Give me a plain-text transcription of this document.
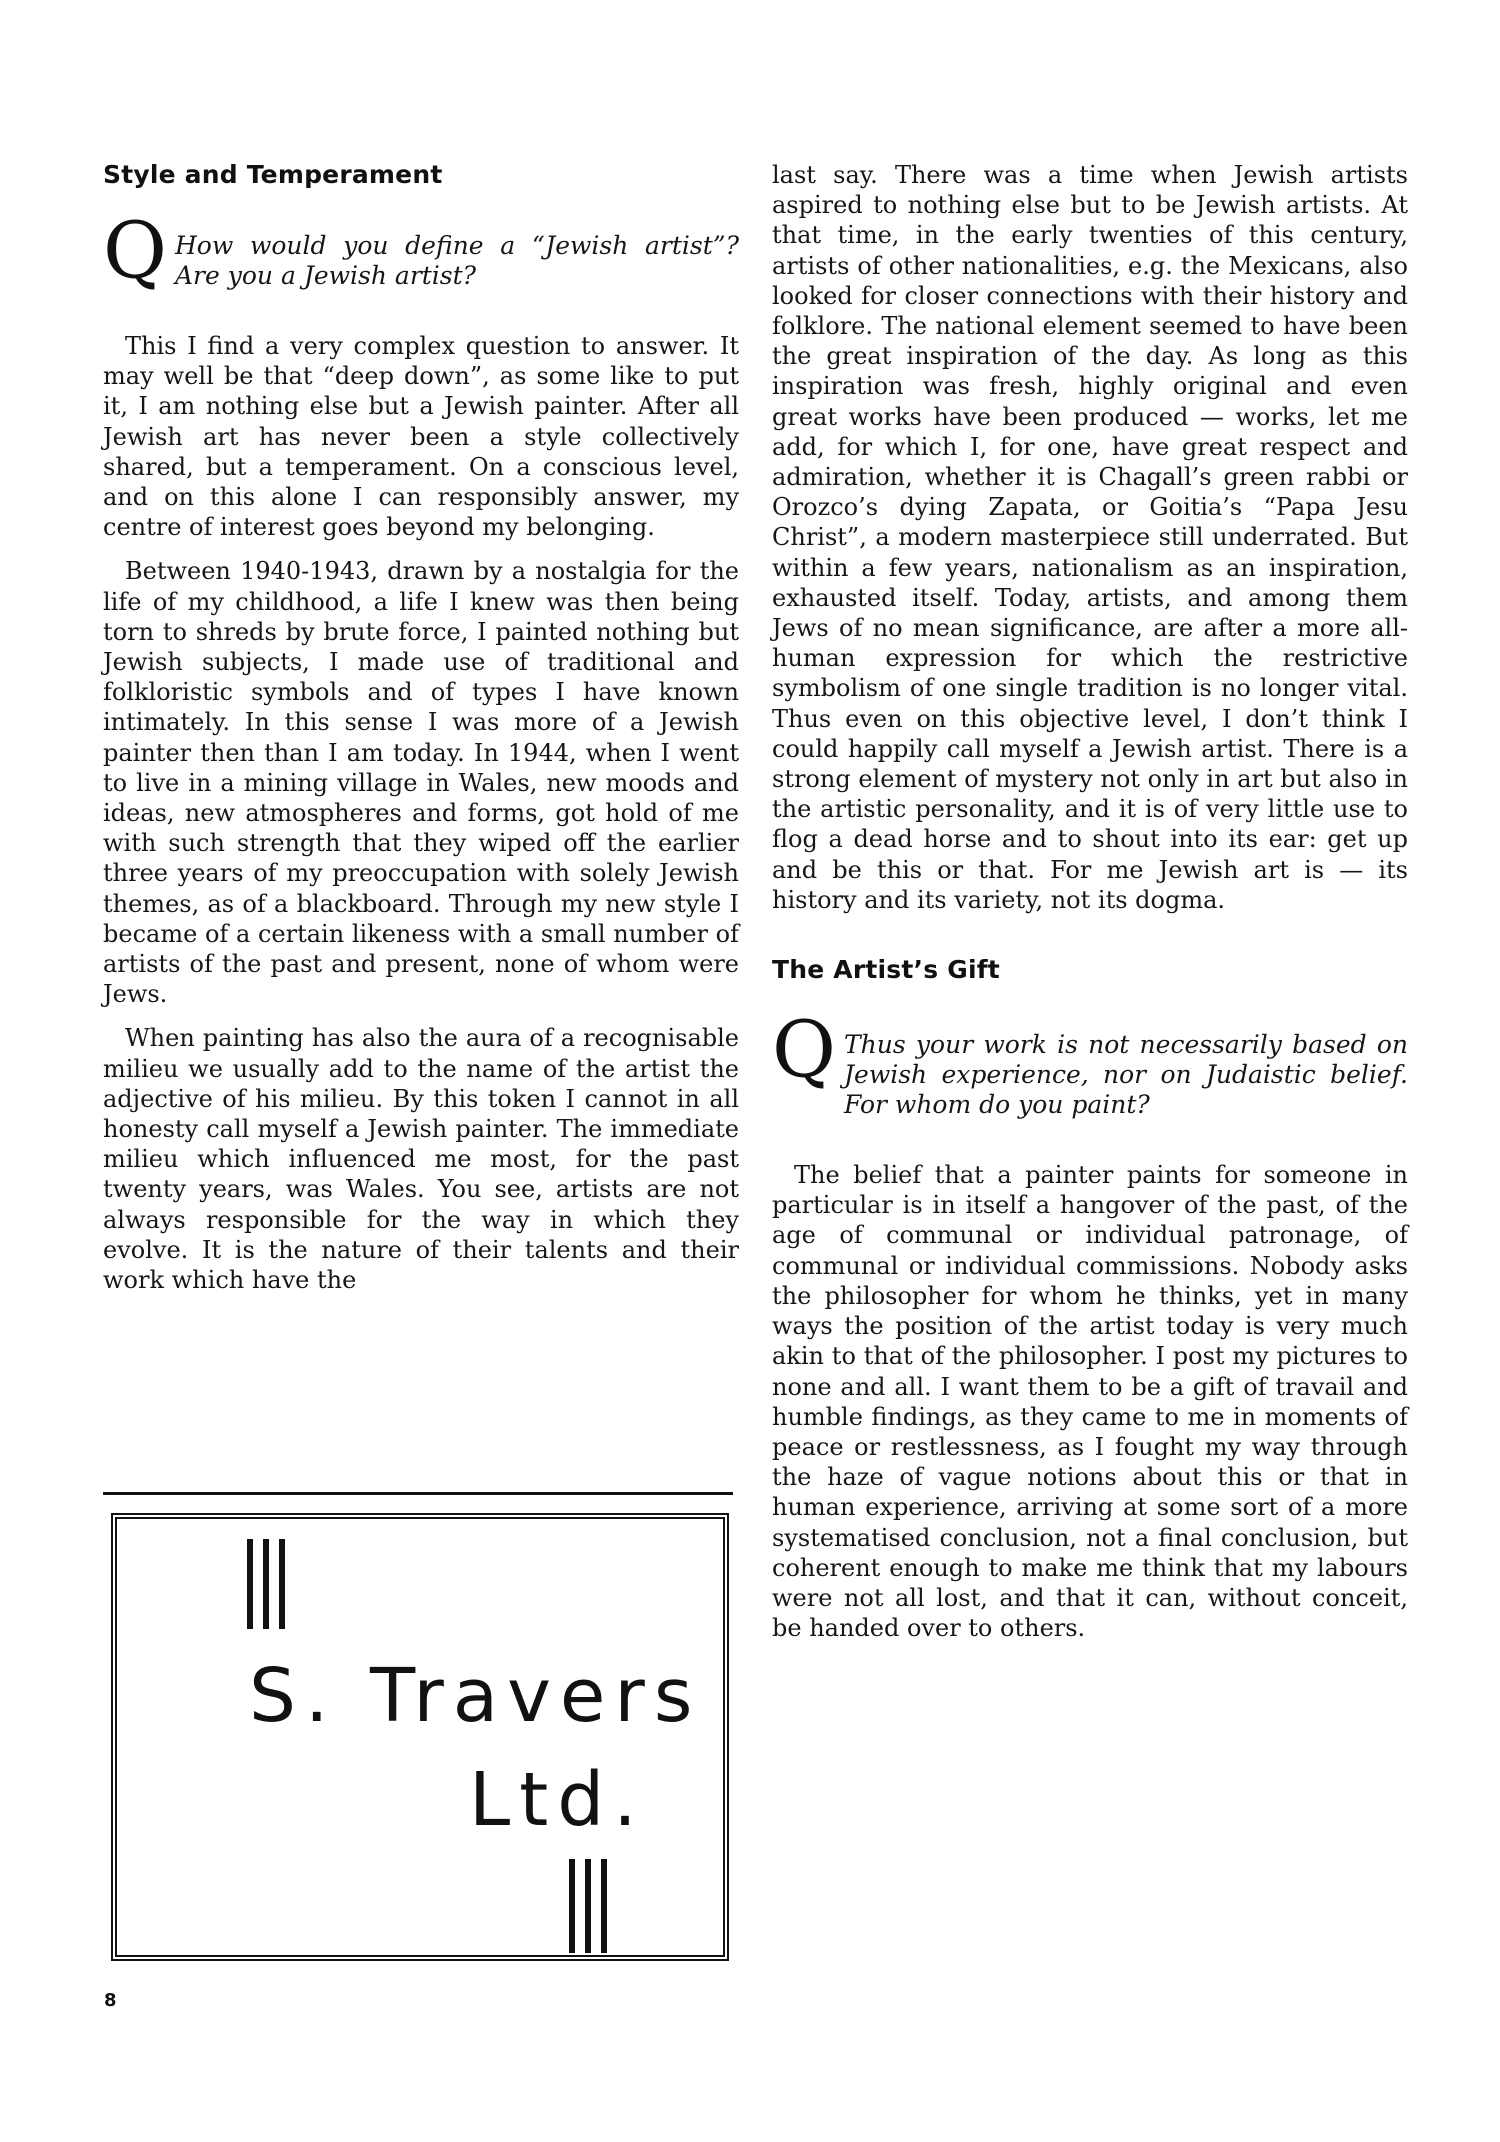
Style and Temperament
Q How would you define a “Jewish artist”? Are you a Jewish artist?

This I find a very complex question to answer. It may well be that “deep down”, as some like to put it, I am nothing else but a Jewish painter. After all Jewish art has never been a style collectively shared, but a temperament. On a conscious level, and on this alone I can responsibly answer, my centre of interest goes beyond my belonging.

Between 1940-1943, drawn by a nostalgia for the life of my childhood, a life I knew was then being torn to shreds by brute force, I painted nothing but Jewish subjects, I made use of traditional and folkloristic symbols and of types I have known intimately. In this sense I was more of a Jewish painter then than I am today. In 1944, when I went to live in a mining village in Wales, new moods and ideas, new atmospheres and forms, got hold of me with such strength that they wiped off the earlier three years of my preoccupation with solely Jewish themes, as of a blackboard. Through my new style I became of a certain likeness with a small number of artists of the past and present, none of whom were Jews.

When painting has also the aura of a recognisable milieu we usually add to the name of the artist the adjective of his milieu. By this token I cannot in all honesty call myself a Jewish painter. The immediate milieu which influenced me most, for the past twenty years, was Wales. You see, artists are not always responsible for the way in which they evolve. It is the nature of their talents and their work which have the

S. Travers
Ltd.

last say. There was a time when Jewish artists aspired to nothing else but to be Jewish artists. At that time, in the early twenties of this century, artists of other nationalities, e.g. the Mexicans, also looked for closer connections with their history and folklore. The national element seemed to have been the great inspiration of the day. As long as this inspiration was fresh, highly original and even great works have been produced — works, let me add, for which I, for one, have great respect and admiration, whether it is Chagall’s green rabbi or Orozco’s dying Zapata, or Goitia’s “Papa Jesu Christ”, a modern masterpiece still underrated. But within a few years, nationalism as an inspiration, exhausted itself. Today, artists, and among them Jews of no mean significance, are after a more all-human expression for which the restrictive symbolism of one single tradition is no longer vital. Thus even on this objective level, I don’t think I could happily call myself a Jewish artist. There is a strong element of mystery not only in art but also in the artistic personality, and it is of very little use to flog a dead horse and to shout into its ear: get up and be this or that. For me Jewish art is — its history and its variety, not its dogma.

The Artist’s Gift
Q Thus your work is not necessarily based on Jewish experience, nor on Judaistic belief. For whom do you paint?

The belief that a painter paints for someone in particular is in itself a hangover of the past, of the age of communal or individual patronage, of communal or individual commissions. Nobody asks the philosopher for whom he thinks, yet in many ways the position of the artist today is very much akin to that of the philosopher. I post my pictures to none and all. I want them to be a gift of travail and humble findings, as they came to me in moments of peace or restlessness, as I fought my way through the haze of vague notions about this or that in human experience, arriving at some sort of a more systematised conclusion, not a final conclusion, but coherent enough to make me think that my labours were not all lost, and that it can, without conceit, be handed over to others.

8
